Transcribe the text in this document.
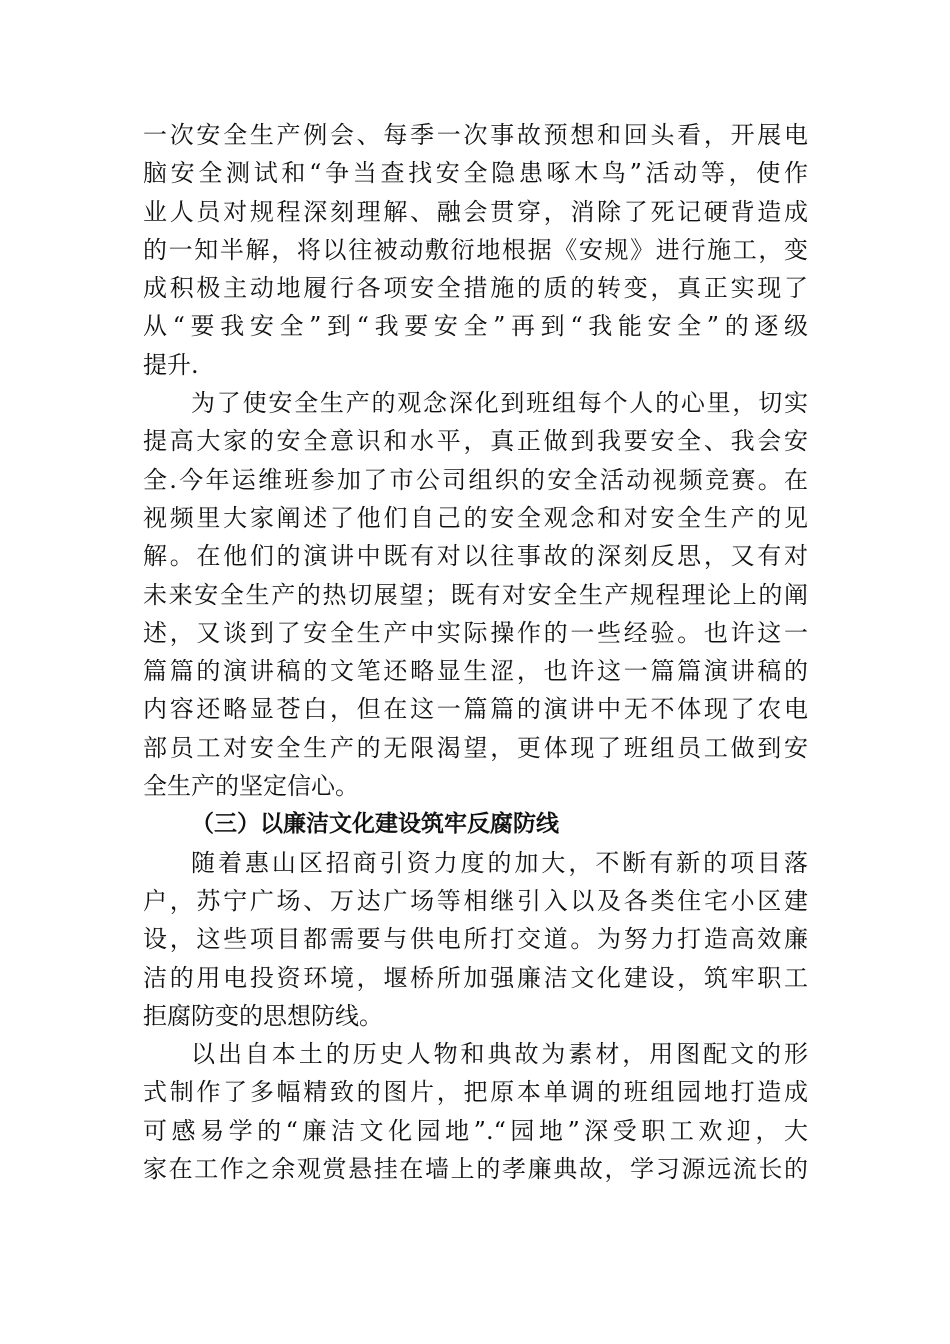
一次安全生产例会、每季一次事故预想和回头看，开展电
脑安全测试和“争当查找安全隐患啄木鸟”活动等，使作
业人员对规程深刻理解、融会贯穿，消除了死记硬背造成
的一知半解，将以往被动敷衍地根据《安规》进行施工，变
成积极主动地履行各项安全措施的质的转变，真正实现了
从“要我安全”到“我要安全”再到“我能安全”的逐级
提升.
为了使安全生产的观念深化到班组每个人的心里，切实
提高大家的安全意识和水平，真正做到我要安全、我会安
全.今年运维班参加了市公司组织的安全活动视频竞赛。在
视频里大家阐述了他们自己的安全观念和对安全生产的见
解。在他们的演讲中既有对以往事故的深刻反思，又有对
未来安全生产的热切展望；既有对安全生产规程理论上的阐
述，又谈到了安全生产中实际操作的一些经验。也许这一
篇篇的演讲稿的文笔还略显生涩，也许这一篇篇演讲稿的
内容还略显苍白，但在这一篇篇的演讲中无不体现了农电
部员工对安全生产的无限渴望，更体现了班组员工做到安
全生产的坚定信心。
（三）以廉洁文化建设筑牢反腐防线
随着惠山区招商引资力度的加大，不断有新的项目落
户，苏宁广场、万达广场等相继引入以及各类住宅小区建
设，这些项目都需要与供电所打交道。为努力打造高效廉
洁的用电投资环境，堰桥所加强廉洁文化建设，筑牢职工
拒腐防变的思想防线。
以出自本土的历史人物和典故为素材，用图配文的形
式制作了多幅精致的图片，把原本单调的班组园地打造成
可感易学的“廉洁文化园地”.“园地”深受职工欢迎，大
家在工作之余观赏悬挂在墙上的孝廉典故，学习源远流长的
